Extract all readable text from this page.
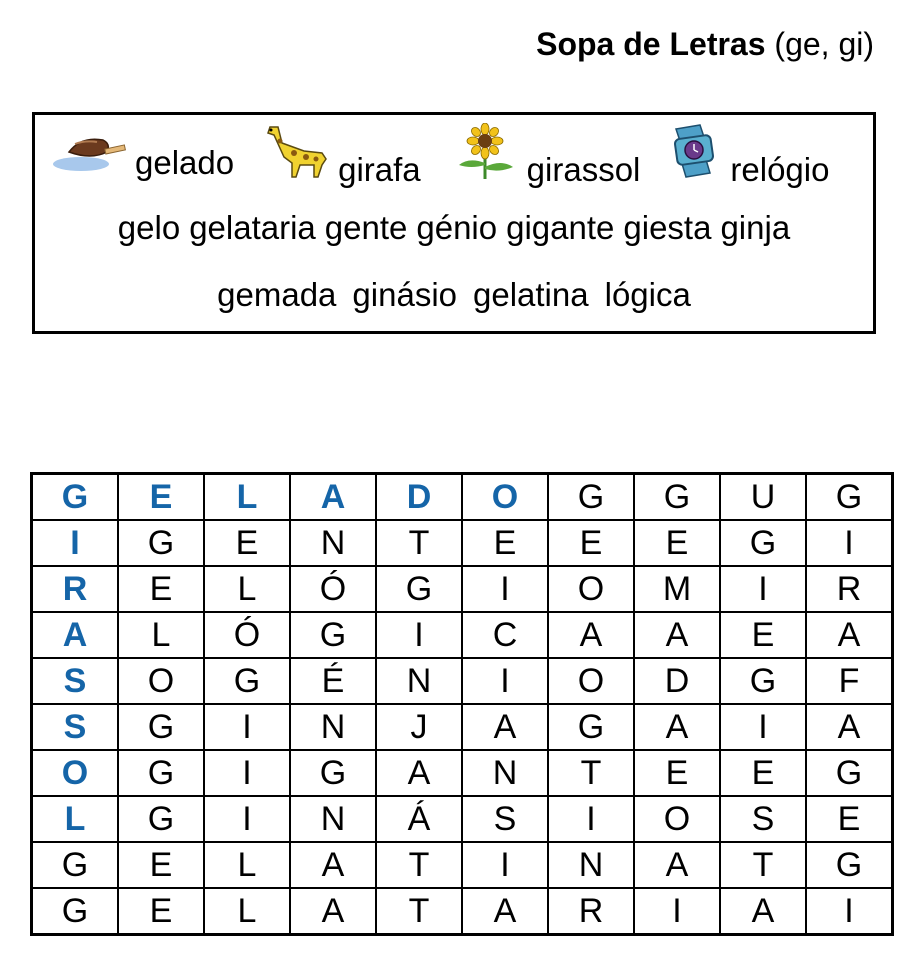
Sopa de Letras (ge, gi)
gelado	girafa	girassol	relógio
gelo gelataria gente génio gigante giesta ginja
gemada ginásio gelatina lógica
G	E	L	A	D	O	G	G	U	G
I	G	E	N	T	E	E	E	G	I
R	E	L	Ó	G	I	O	M	I	R
A	L	Ó	G	I	C	A	A	E	A
S	O	G	É	N	I	O	D	G	F
S	G	I	N	J	A	G	A	I	A
O	G	I	G	A	N	T	E	E	G
L	G	I	N	Á	S	I	O	S	E
G	E	L	A	T	I	N	A	T	G
G	E	L	A	T	A	R	I	A	I
